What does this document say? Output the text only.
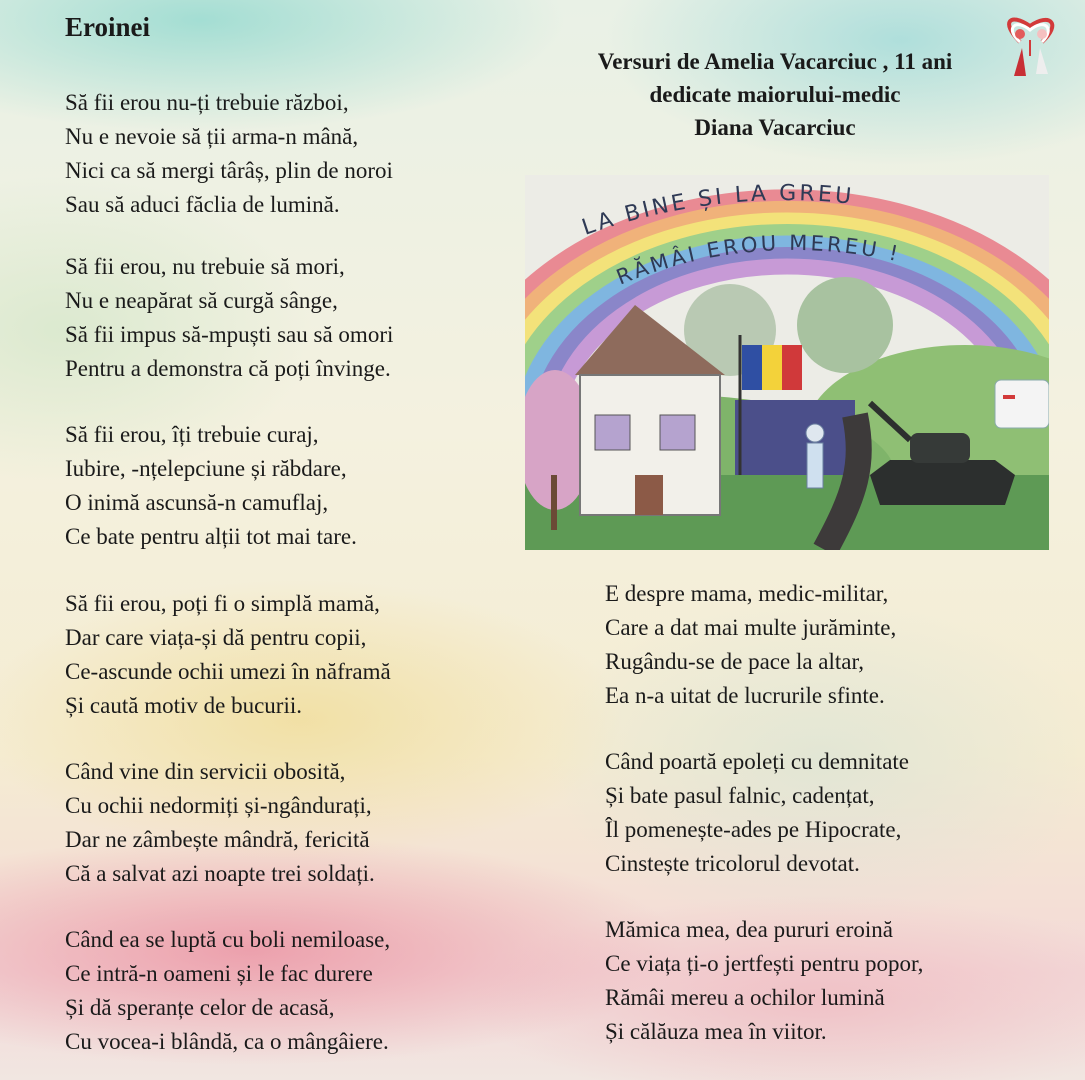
Eroinei
Versuri de Amelia Vacarciuc , 11 ani
dedicate maiorului-medic
Diana Vacarciuc
Să fii erou nu-ți trebuie război,
Nu e nevoie să ții arma-n mână,
Nici ca să mergi târâș, plin de noroi
Sau să aduci făclia de lumină.
Să fii erou, nu trebuie să mori,
Nu e neapărat să curgă sânge,
Să fii impus să-mpuști sau să omori
Pentru a demonstra că poți învinge.
Să fii erou, îți trebuie curaj,
Iubire, -nțelepciune și răbdare,
O inimă ascunsă-n camuflaj,
Ce bate pentru alții tot mai tare.
Să fii erou, poți fi o simplă mamă,
Dar care viața-și dă pentru copii,
Ce-ascunde ochii umezi în năframă
Și caută motiv de bucurii.
Când vine din servicii obosită,
Cu ochii nedormiți și-ngândurați,
Dar ne zâmbește mândră, fericită
Că a salvat azi noapte trei soldați.
Când ea se luptă cu boli nemiloase,
Ce intră-n oameni și le fac durere
Și dă speranțe celor de acasă,
Cu vocea-i blândă, ca o mângâiere.
LA BINE ȘI LA GREU
RĂMÂI EROU MEREU !
E despre mama, medic-militar,
Care a dat mai multe jurăminte,
Rugându-se de pace la altar,
Ea n-a uitat de lucrurile sfinte.
Când poartă epoleți cu demnitate
Și bate pasul falnic, cadențat,
Îl pomenește-ades pe Hipocrate,
Cinstește tricolorul devotat.
Mămica mea, dea pururi eroină
Ce viața ți-o jertfești pentru popor,
Rămâi mereu a ochilor lumină
Și călăuza mea în viitor.
